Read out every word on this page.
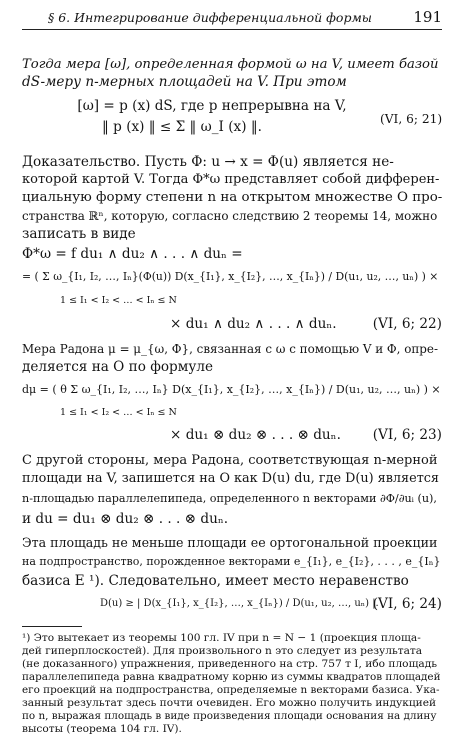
§ 6. Интегрирование дифференциальной формы	191
Тогда мера [ω], определенная формой ω на V, имеет базой
dS-меру n-мерных площадей на V. При этом
[ω] = p (x) dS, где p непрерывна на V,
‖ p (x) ‖ ≤ Σ ‖ ω_I (x) ‖.	(VI, 6; 21)
Доказательство. Пусть Φ: u → x = Φ(u) является не-
которой картой V. Тогда Φ*ω представляет собой дифферен-
циальную форму степени n на открытом множестве O про-
странства ℝⁿ, которую, согласно следствию 2 теоремы 14, можно
записать в виде
Φ*ω = f du₁ ∧ du₂ ∧ . . . ∧ duₙ =
= ( Σ ω_{I₁, I₂, …, Iₙ}(Φ(u)) D(x_{I₁}, x_{I₂}, …, x_{Iₙ}) / D(u₁, u₂, …, uₙ) ) ×
1 ≤ I₁ < I₂ < … < Iₙ ≤ N
× du₁ ∧ du₂ ∧ . . . ∧ duₙ.	(VI, 6; 22)
Мера Радона μ = μ_{ω, Φ}, связанная с ω с помощью V и Φ, опре-
деляется на O по формуле
dμ = ( θ Σ ω_{I₁, I₂, …, Iₙ} D(x_{I₁}, x_{I₂}, …, x_{Iₙ}) / D(u₁, u₂, …, uₙ) ) ×
1 ≤ I₁ < I₂ < … < Iₙ ≤ N
× du₁ ⊗ du₂ ⊗ . . . ⊗ duₙ.	(VI, 6; 23)
С другой стороны, мера Радона, соответствующая n-мерной
площади на V, запишется на O как D(u) du, где D(u) является
n-площадью параллелепипеда, определенного n векторами ∂Φ/∂uᵢ (u),
и du = du₁ ⊗ du₂ ⊗ . . . ⊗ duₙ.
Эта площадь не меньше площади ее ортогональной проекции
на подпространство, порожденное векторами e_{I₁}, e_{I₂}, . . . , e_{Iₙ}
базиса E ¹). Следовательно, имеет место неравенство
D(u) ≥ | D(x_{I₁}, x_{I₂}, …, x_{Iₙ}) / D(u₁, u₂, …, uₙ) |.
(VI, 6; 24)
¹) Это вытекает из теоремы 100 гл. IV при n = N − 1 (проекция площа-
дей гиперплоскостей). Для произвольного n это следует из результата
(не доказанного) упражнения, приведенного на стр. 757 т I, ибо площадь
параллелепипеда равна квадратному корню из суммы квадратов площадей
его проекций на подпространства, определяемые n векторами базиса. Ука-
занный результат здесь почти очевиден. Его можно получить индукцией
по n, выражая площадь в виде произведения площади основания на длину
высоты (теорема 104 гл. IV).
